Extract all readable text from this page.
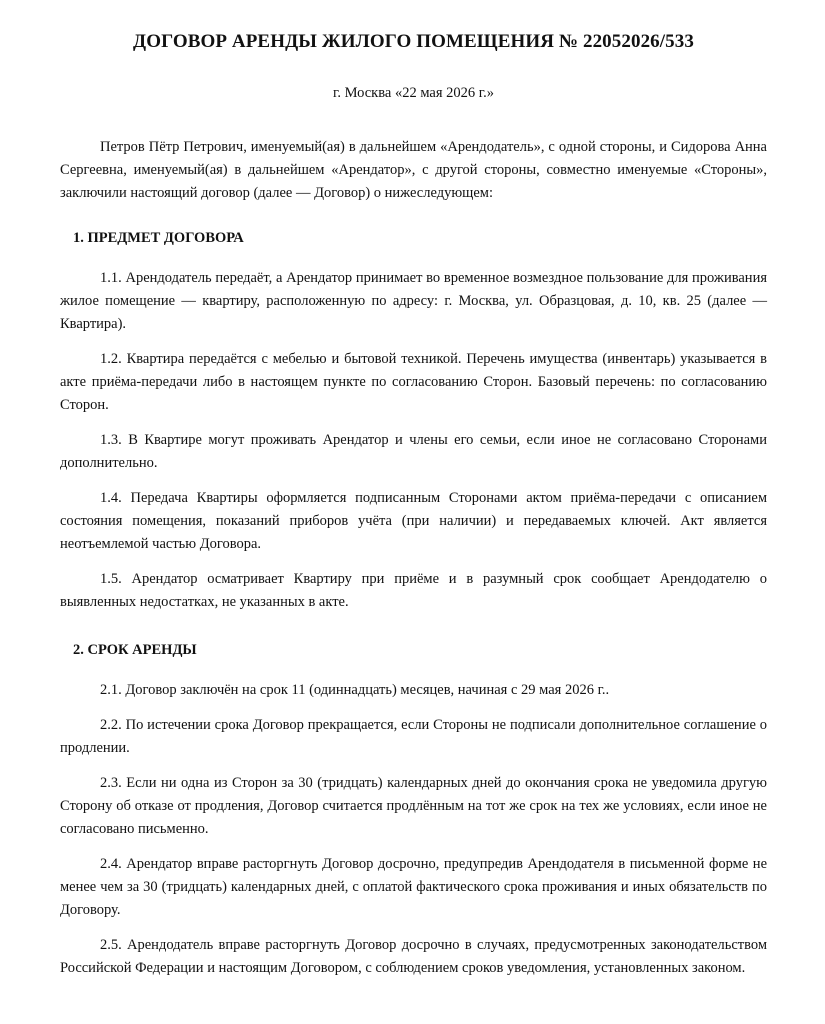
ДОГОВОР АРЕНДЫ ЖИЛОГО ПОМЕЩЕНИЯ № 22052026/533

г. Москва «22 мая 2026 г.»

Петров Пётр Петрович, именуемый(ая) в дальнейшем «Арендодатель», с одной стороны, и Сидорова Анна Сергеевна, именуемый(ая) в дальнейшем «Арендатор», с другой стороны, совместно именуемые «Стороны», заключили настоящий договор (далее — Договор) о нижеследующем:

1. ПРЕДМЕТ ДОГОВОРА

1.1. Арендодатель передаёт, а Арендатор принимает во временное возмездное пользование для проживания жилое помещение — квартиру, расположенную по адресу: г. Москва, ул. Образцовая, д. 10, кв. 25 (далее — Квартира).

1.2. Квартира передаётся с мебелью и бытовой техникой. Перечень имущества (инвентарь) указывается в акте приёма-передачи либо в настоящем пункте по согласованию Сторон. Базовый перечень: по согласованию Сторон.

1.3. В Квартире могут проживать Арендатор и члены его семьи, если иное не согласовано Сторонами дополнительно.

1.4. Передача Квартиры оформляется подписанным Сторонами актом приёма-передачи с описанием состояния помещения, показаний приборов учёта (при наличии) и передаваемых ключей. Акт является неотъемлемой частью Договора.

1.5. Арендатор осматривает Квартиру при приёме и в разумный срок сообщает Арендодателю о выявленных недостатках, не указанных в акте.

2. СРОК АРЕНДЫ

2.1. Договор заключён на срок 11 (одиннадцать) месяцев, начиная с 29 мая 2026 г..

2.2. По истечении срока Договор прекращается, если Стороны не подписали дополнительное соглашение о продлении.

2.3. Если ни одна из Сторон за 30 (тридцать) календарных дней до окончания срока не уведомила другую Сторону об отказе от продления, Договор считается продлённым на тот же срок на тех же условиях, если иное не согласовано письменно.

2.4. Арендатор вправе расторгнуть Договор досрочно, предупредив Арендодателя в письменной форме не менее чем за 30 (тридцать) календарных дней, с оплатой фактического срока проживания и иных обязательств по Договору.

2.5. Арендодатель вправе расторгнуть Договор досрочно в случаях, предусмотренных законодательством Российской Федерации и настоящим Договором, с соблюдением сроков уведомления, установленных законом.
